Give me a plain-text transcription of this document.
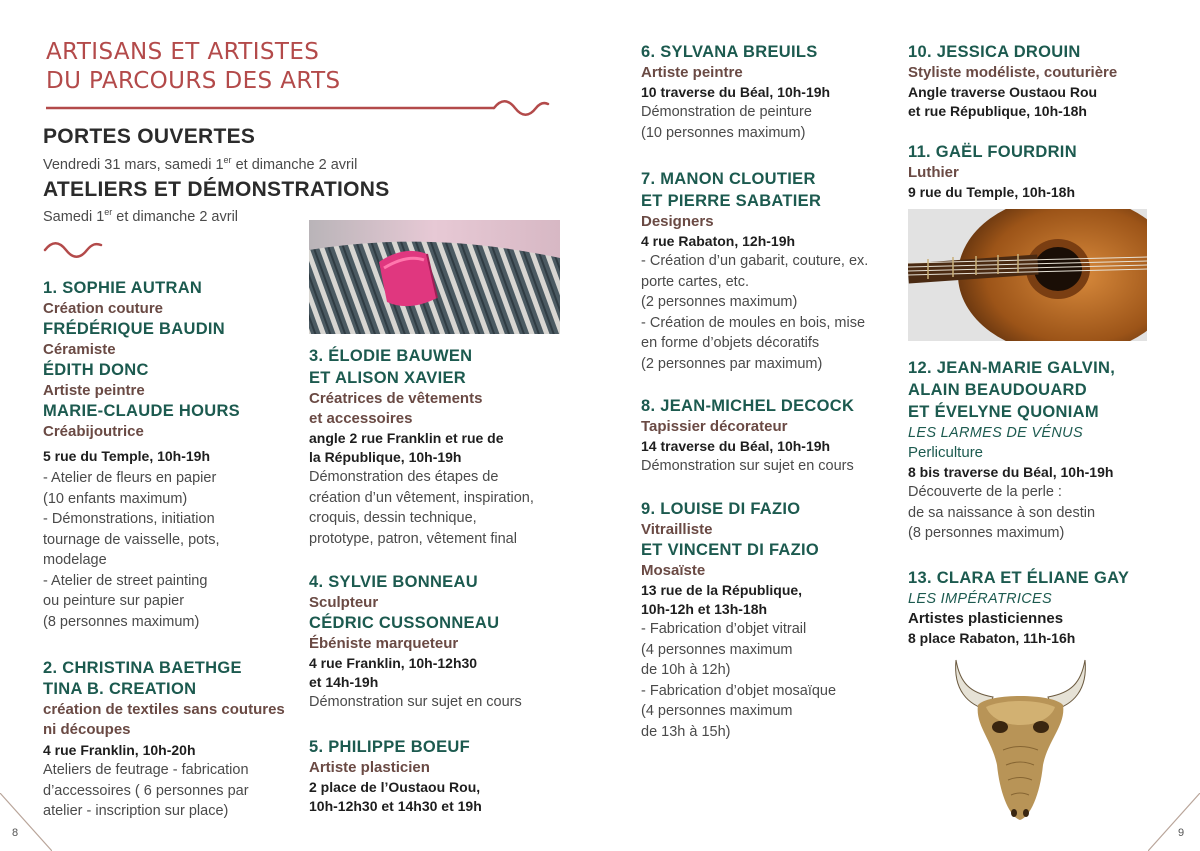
ARTISANS ET ARTISTES
DU PARCOURS DES ARTS
PORTES OUVERTES
Vendredi 31 mars, samedi 1er et dimanche 2 avril
ATELIERS ET DÉMONSTRATIONS
Samedi 1er et dimanche 2 avril
1. SOPHIE AUTRAN
Création couture
FRÉDÉRIQUE BAUDIN
Céramiste
ÉDITH DONC
Artiste peintre
MARIE-CLAUDE HOURS
Créabijoutrice
5 rue du Temple, 10h-19h
- Atelier de fleurs en papier
(10 enfants maximum)
- Démonstrations, initiation
tournage de vaisselle, pots,
modelage
- Atelier de street painting
ou peinture sur papier
(8 personnes maximum)
2. CHRISTINA BAETHGE
TINA B. CREATION
création de textiles sans coutures
ni découpes
4 rue Franklin, 10h-20h
Ateliers de feutrage - fabrication
d’accessoires ( 6 personnes par
atelier - inscription sur place)
3. ÉLODIE BAUWEN
ET ALISON XAVIER
Créatrices de vêtements
et accessoires
angle 2 rue Franklin et rue de
la République, 10h-19h
Démonstration des étapes de
création d’un vêtement, inspiration,
croquis, dessin technique,
prototype, patron, vêtement final
4. SYLVIE BONNEAU
Sculpteur
CÉDRIC CUSSONNEAU
Ébéniste marqueteur
4 rue Franklin, 10h-12h30
et 14h-19h
Démonstration sur sujet en cours
5. PHILIPPE BOEUF
Artiste plasticien
2 place de l’Oustaou Rou,
10h-12h30 et 14h30 et 19h
6. SYLVANA BREUILS
Artiste peintre
10 traverse du Béal, 10h-19h
Démonstration de peinture
(10 personnes maximum)
7. MANON CLOUTIER
ET PIERRE SABATIER
Designers
4 rue Rabaton, 12h-19h
- Création d’un gabarit, couture, ex.
porte cartes, etc.
(2 personnes maximum)
- Création de moules en bois, mise
en forme d’objets décoratifs
(2 personnes par maximum)
8. JEAN-MICHEL DECOCK
Tapissier décorateur
14 traverse du Béal, 10h-19h
Démonstration sur sujet en cours
9. LOUISE DI FAZIO
Vitrailliste
ET VINCENT DI FAZIO
Mosaïste
13 rue de la République,
10h-12h et 13h-18h
- Fabrication d’objet vitrail
(4 personnes maximum
de 10h à 12h)
- Fabrication d’objet mosaïque
(4 personnes maximum
de 13h à 15h)
10. JESSICA DROUIN
Styliste modéliste, couturière
Angle traverse Oustaou Rou
et rue République, 10h-18h
11. GAËL FOURDRIN
Luthier
9 rue du Temple, 10h-18h
12. JEAN-MARIE GALVIN,
ALAIN BEAUDOUARD
ET ÉVELYNE QUONIAM
LES LARMES DE VÉNUS
Perliculture
8 bis traverse du Béal, 10h-19h
Découverte de la perle :
de sa naissance à son destin
(8 personnes maximum)
13. CLARA ET ÉLIANE GAY
LES IMPÉRATRICES
Artistes plasticiennes
8 place Rabaton, 11h-16h
8	9
